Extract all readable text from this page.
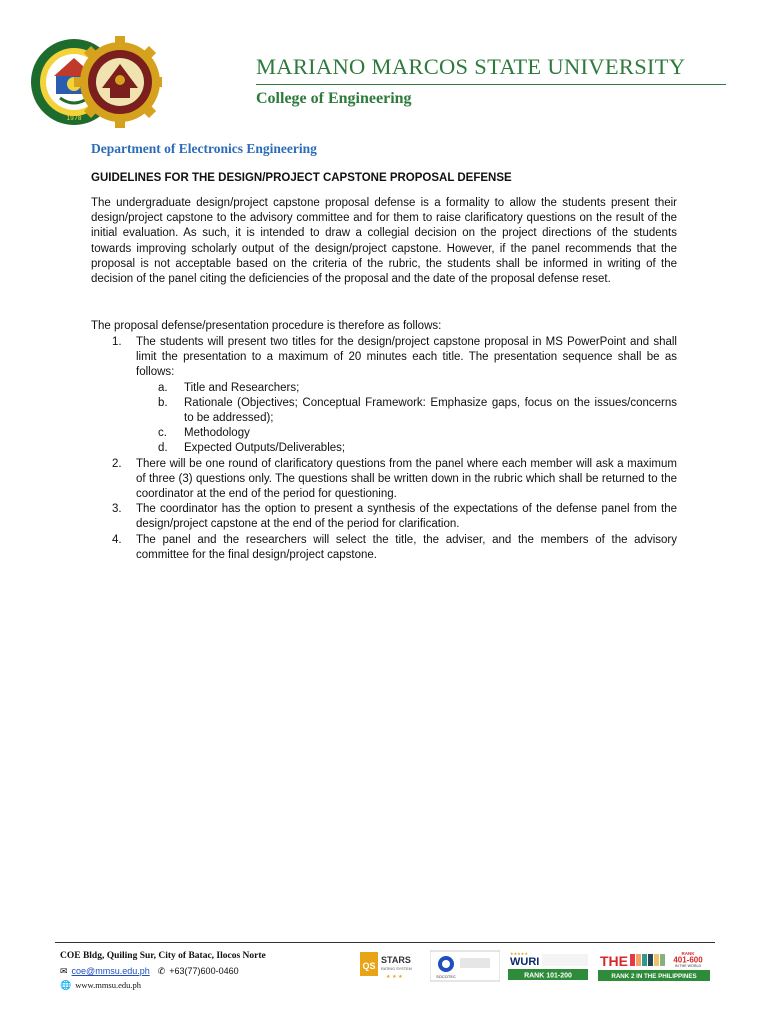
1978
MARIANO MARCOS STATE UNIVERSITY
College of Engineering
Department of Electronics Engineering
GUIDELINES FOR THE DESIGN/PROJECT CAPSTONE PROPOSAL DEFENSE

The undergraduate design/project capstone proposal defense is a formality to allow the students present their design/project capstone to the advisory committee and for them to raise clarificatory questions on the result of the initial evaluation. As such, it is intended to draw a collegial decision on the project directions of the students towards improving scholarly output of the design/project capstone. However, if the panel recommends that the proposal is not acceptable based on the criteria of the rubric, the students shall be informed in writing of the decision of the panel citing the deficiencies of the proposal and the date of the proposal defense reset.

The proposal defense/presentation procedure is therefore as follows:
1.	The students will present two titles for the design/project capstone proposal in MS PowerPoint and shall limit the presentation to a maximum of 20 minutes each title. The presentation sequence shall be as follows:
a.	Title and Researchers;
b.	Rationale (Objectives; Conceptual Framework: Emphasize gaps, focus on the issues/concerns to be addressed);
c.	Methodology
d.	Expected Outputs/Deliverables;
2.	There will be one round of clarificatory questions from the panel where each member will ask a maximum of three (3) questions only. The questions shall be written down in the rubric which shall be returned to the coordinator at the end of the period for questioning.
3.	The coordinator has the option to present a synthesis of the expectations of the defense panel from the design/project capstone at the end of the period for clarification.
4.	The panel and the researchers will select the title, the adviser, and the members of the advisory committee for the final design/project capstone.
COE Bldg, Quiling Sur, City of Batac, Ilocos Norte
✉ coe@mmsu.edu.ph ✆ +63(77)600-0460
🌐 www.mmsu.edu.ph
QS
STARS
RATING SYSTEM
★ ★ ★	SOCOTEC
WURI
★★★★★
RANK 101-200
THE	RANK
401-600
IN THE WORLD
RANK 2 IN THE PHILIPPINES
